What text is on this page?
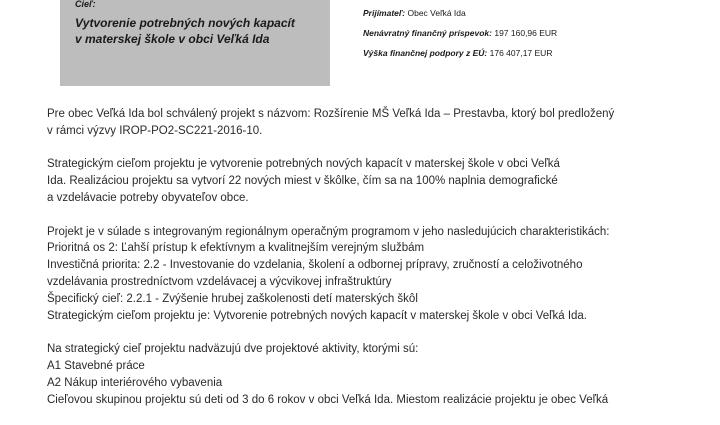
Cieľ:
Vytvorenie potrebných nových kapacít
v materskej škole v obci Veľká Ida
Prijímateľ: Obec Veľká Ida
Nenávratný finančný príspevok: 197 160,96 EUR
Výška finančnej podpory z EÚ: 176 407,17 EUR

Pre obec Veľká Ida bol schválený projekt s názvom: Rozšírenie MŠ Veľká Ida – Prestavba, ktorý bol predložený
v rámci výzvy IROP-PO2-SC221-2016-10.

Strategickým cieľom projektu je vytvorenie potrebných nových kapacít v materskej škole v obci Veľká
Ida. Realizáciou projektu sa vytvorí 22 nových miest v škôlke, čím sa na 100% naplnia demografické
a vzdelávacie potreby obyvateľov obce.

Projekt je v súlade s integrovaným regionálnym operačným programom v jeho nasledujúcich charakteristikách:
Prioritná os 2: Ľahší prístup k efektívnym a kvalitnejším verejným službám
Investičná priorita: 2.2 - Investovanie do vzdelania, školení a odbornej prípravy, zručností a celoživotného
vzdelávania prostredníctvom vzdelávacej a výcvikovej infraštruktúry
Špecifický cieľ: 2.2.1 - Zvýšenie hrubej zaškolenosti detí materských škôl
Strategickým cieľom projektu je: Vytvorenie potrebných nových kapacít v materskej škole v obci Veľká Ida.

Na strategický cieľ projektu nadväzujú dve projektové aktivity, ktorými sú:
A1 Stavebné práce
A2 Nákup interiérového vybavenia
Cieľovou skupinou projektu sú deti od 3 do 6 rokov v obci Veľká Ida. Miestom realizácie projektu je obec Veľká
